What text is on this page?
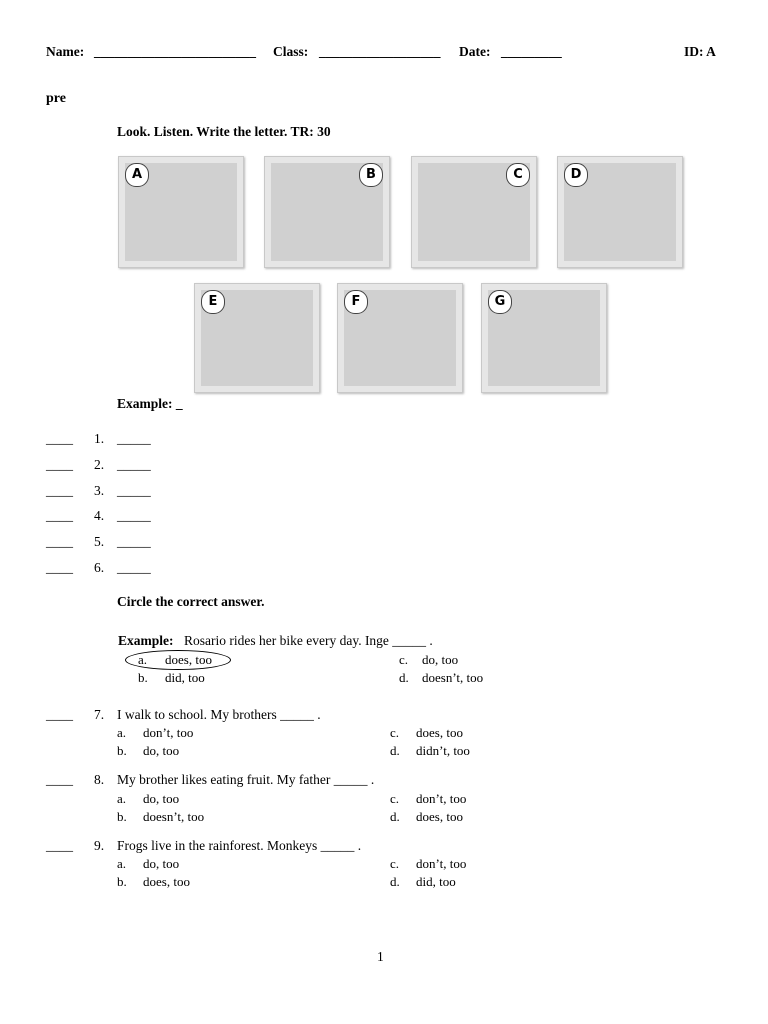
Name: ________________________ Class: __________________ Date: _________	ID: A
pre
Look. Listen. Write the letter. TR: 30
A	B	C	D
E	F	G
Example: _
____ 1. _____
____ 2. _____
____ 3. _____
____ 4. _____
____ 5. _____
____ 6. _____
Circle the correct answer.
Example: Rosario rides her bike every day. Inge _____ .
a. does, too
b. did, too
c. do, too
d. doesn’t, too
____ 7. I walk to school. My brothers _____ .
a. don’t, too
b. do, too
c. does, too
d. didn’t, too
____ 8. My brother likes eating fruit. My father _____ .
a. do, too
b. doesn’t, too
c. don’t, too
d. does, too
____ 9. Frogs live in the rainforest. Monkeys _____ .
a. do, too
b. does, too
c. don’t, too
d. did, too
1
